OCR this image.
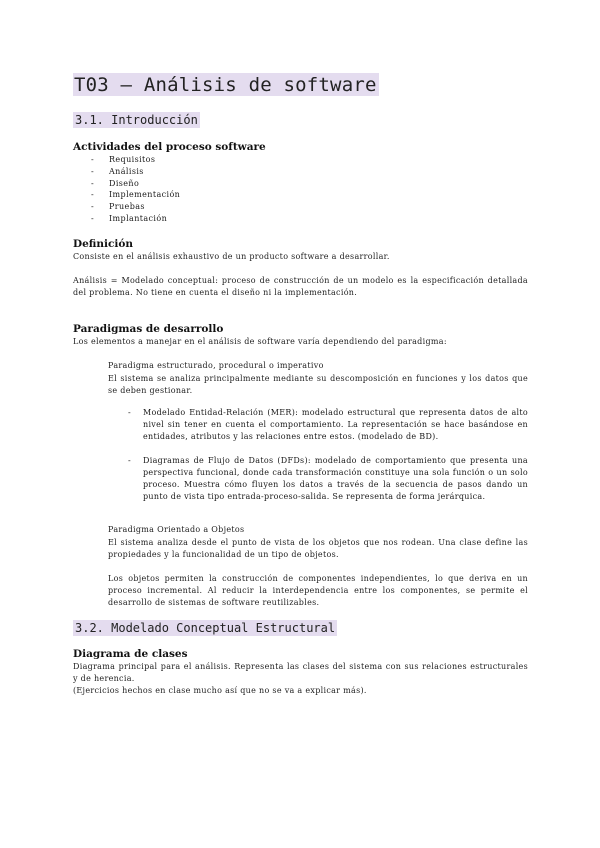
T03 – Análisis de software
3.1. Introducción
Actividades del proceso software
- Requisitos
- Análisis
- Diseño
- Implementación
- Pruebas
- Implantación
Definición
Consiste en el análisis exhaustivo de un producto software a desarrollar.
Análisis = Modelado conceptual: proceso de construcción de un modelo es la especificación detallada del problema. No tiene en cuenta el diseño ni la implementación.
Paradigmas de desarrollo
Los elementos a manejar en el análisis de software varía dependiendo del paradigma:
Paradigma estructurado, procedural o imperativo
El sistema se analiza principalmente mediante su descomposición en funciones y los datos que se deben gestionar.
- Modelado Entidad-Relación (MER): modelado estructural que representa datos de alto nivel sin tener en cuenta el comportamiento. La representación se hace basándose en entidades, atributos y las relaciones entre estos. (modelado de BD).
- Diagramas de Flujo de Datos (DFDs): modelado de comportamiento que presenta una perspectiva funcional, donde cada transformación constituye una sola función o un solo proceso. Muestra cómo fluyen los datos a través de la secuencia de pasos dando un punto de vista tipo entrada-proceso-salida. Se representa de forma jerárquica.
Paradigma Orientado a Objetos
El sistema analiza desde el punto de vista de los objetos que nos rodean. Una clase define las propiedades y la funcionalidad de un tipo de objetos.
Los objetos permiten la construcción de componentes independientes, lo que deriva en un proceso incremental. Al reducir la interdependencia entre los componentes, se permite el desarrollo de sistemas de software reutilizables.
3.2. Modelado Conceptual Estructural
Diagrama de clases
Diagrama principal para el análisis. Representa las clases del sistema con sus relaciones estructurales y de herencia.
(Ejercicios hechos en clase mucho así que no se va a explicar más).
